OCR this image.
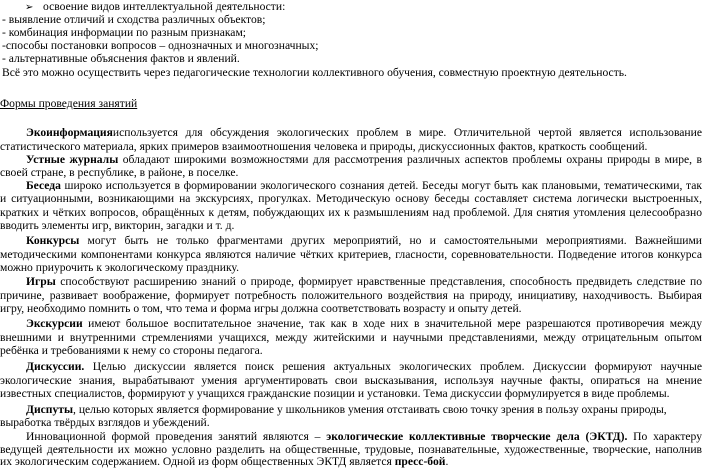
➢ освоение видов интеллектуальной деятельности:
- выявление отличий и сходства различных объектов;
- комбинация информации по разным признакам;
-способы постановки вопросов – однозначных и многозначных;
- альтернативные объяснения фактов и явлений.
Всё это можно осуществить через педагогические технологии коллективного обучения, совместную проектную деятельность.
Формы проведения занятий
Экоинформацияиспользуется для обсуждения экологических проблем в мире. Отличительной чертой является использование
статистического материала, ярких примеров взаимоотношения человека и природы, дискуссионных фактов, краткость сообщений.
Устные журналы обладают широкими возможностями для рассмотрения различных аспектов проблемы охраны природы в мире, в
своей стране, в республике, в районе, в поселке.
Беседа широко используется в формировании экологического сознания детей. Беседы могут быть как плановыми, тематическими, так
и ситуационными, возникающими на экскурсиях, прогулках. Методическую основу беседы составляет система логически выстроенных,
кратких и чётких вопросов, обращённых к детям, побуждающих их к размышлениям над проблемой. Для снятия утомления целесообразно
вводить элементы игр, викторин, загадки и т. д.
Конкурсы могут быть не только фрагментами других мероприятий, но и самостоятельными мероприятиями. Важнейшими
методическими компонентами конкурса являются наличие чётких критериев, гласности, соревновательности. Подведение итогов конкурса
можно приурочить к экологическому празднику.
Игры способствуют расширению знаний о природе, формирует нравственные представления, способность предвидеть следствие по
причине, развивает воображение, формирует потребность положительного воздействия на природу, инициативу, находчивость. Выбирая
игру, необходимо помнить о том, что тема и форма игры должна соответствовать возрасту и опыту детей.
Экскурсии имеют большое воспитательное значение, так как в ходе них в значительной мере разрешаются противоречия между
внешними и внутренними стремлениями учащихся, между житейскими и научными представлениями, между отрицательным опытом
ребёнка и требованиями к нему со стороны педагога.
Дискуссии. Целью дискуссии является поиск решения актуальных экологических проблем. Дискуссии формируют научные
экологические знания, вырабатывают умения аргументировать свои высказывания, используя научные факты, опираться на мнение
известных специалистов, формируют у учащихся гражданские позиции и установки. Тема дискуссии формулируется в виде проблемы.
Диспуты, целью которых является формирование у школьников умения отстаивать свою точку зрения в пользу охраны природы,
выработка твёрдых взглядов и убеждений.
Инновационной формой проведения занятий являются – экологические коллективные творческие дела (ЭКТД). По характеру
ведущей деятельности их можно условно разделить на общественные, трудовые, познавательные, художественные, творческие, наполнив
их экологическим содержанием. Одной из форм общественных ЭКТД является пресс-бой.
